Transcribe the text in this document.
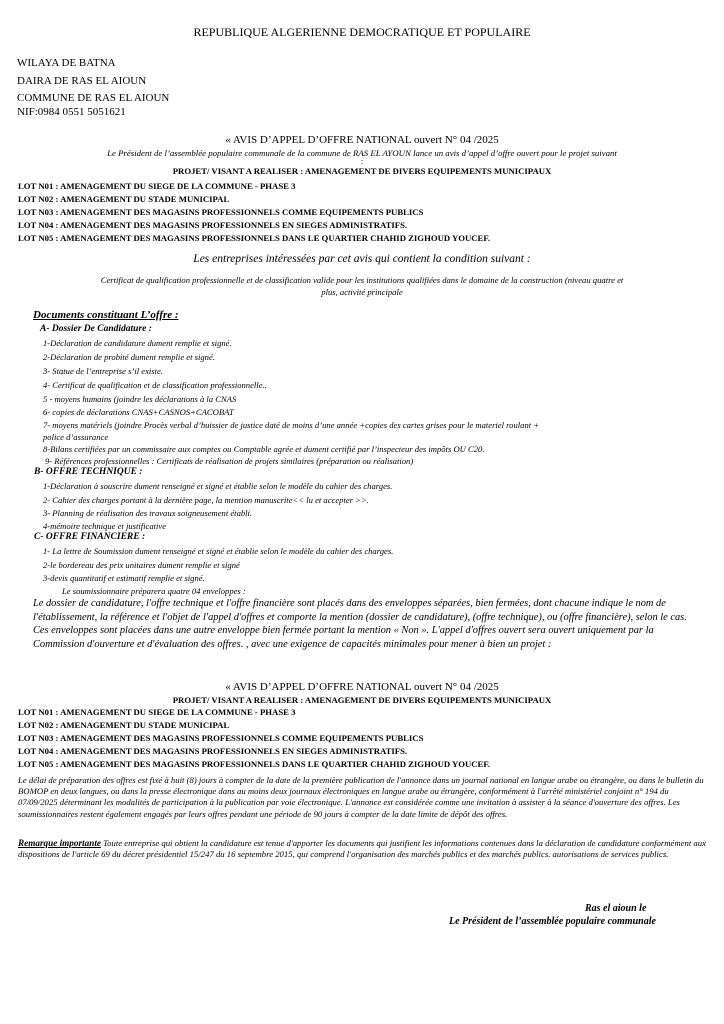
REPUBLIQUE ALGERIENNE DEMOCRATIQUE ET POPULAIRE
WILAYA DE BATNA
DAIRA DE RAS EL AIOUN
COMMUNE DE RAS EL AIOUN
NIF:0984 0551 5051621
« AVIS D’APPEL D’OFFRE NATIONAL ouvert N° 04 /2025
Le Président de l’assemblée populaire communale de la commune de RAS EL AYOUN lance un avis d’appel d’offre ouvert pour le projet suivant
:
PROJET/ VISANT A REALISER : AMENAGEMENT DE DIVERS EQUIPEMENTS MUNICIPAUX
LOT N01 : AMENAGEMENT DU SIEGE DE LA COMMUNE - PHASE 3
LOT N02 : AMENAGEMENT DU STADE MUNICIPAL
LOT N03 : AMENAGEMENT DES MAGASINS PROFESSIONNELS COMME EQUIPEMENTS PUBLICS
LOT N04 : AMENAGEMENT DES MAGASINS PROFESSIONNELS EN SIEGES ADMINISTRATIFS.
LOT N05 : AMENAGEMENT DES MAGASINS PROFESSIONNELS DANS LE QUARTIER CHAHID ZIGHOUD YOUCEF.
Les entreprises intéressées par cet avis qui contient la condition suivant :
Certificat de qualification professionnelle et de classification valide pour les institutions qualifiées dans le domaine de la construction (niveau quatre et
plus, activité principale
Documents constituant L’offre :
A- Dossier De Candidature :
1-Déclaration de candidature dument remplie et signé.
2-Déclaration de probité dument remplie et signé.
3- Statue de l’entreprise s’il existe.
4- Certificat de qualification et de classification professionnelle..
5 - moyens humains (joindre les déclarations à la CNAS
6- copies de déclarations CNAS+CASNOS+CACOBAT
7- moyens matériels (joindre Procès verbal d’huissier de justice daté de moins d’une année +copies des cartes grises pour le materiel roulant +
police d’assurance
8-Bilans certifiées par un commissaire aux comptes ou Comptable agrée et dument certifié par l’inspecteur des impôts OU C20.
9- Références professionnelles : Certificats de réalisation de projets similaires (préparation ou réalisation)
B- OFFRE TECHNIQUE :
1-Déclaration à souscrire dument renseigné et signé et établie selon le modèle du cahier des charges.
2- Cahier des charges portant à la dernière page, la mention manuscrite<< lu et accepter >>.
3- Planning de réalisation des travaux soigneusement établi.
4-mémoire technique et justificative
C- OFFRE FINANCIERE :
1- La lettre de Soumission dument renseigné et signé et établie selon le modèle du cahier des charges.
2-le bordereau des prix unitaires dument remplie et signé
3-devis quantitatif et estimatif remplie et signé.
Le soumissionnaire préparera quatre 04 enveloppes :
Le dossier de candidature, l'offre technique et l'offre financière sont placés dans des enveloppes séparées, bien fermées, dont chacune indique le nom de l'établissement, la référence et l'objet de l'appel d'offres et comporte la mention (dossier de candidature), (offre technique), ou (offre financière), selon le cas. Ces enveloppes sont placées dans une autre enveloppe bien fermée portant la mention « Non ». L'appel d'offres ouvert sera ouvert uniquement par la Commission d'ouverture et d'évaluation des offres. , avec une exigence de capacités minimales pour mener à bien un projet :
« AVIS D’APPEL D’OFFRE NATIONAL ouvert N° 04 /2025
PROJET/ VISANT A REALISER : AMENAGEMENT DE DIVERS EQUIPEMENTS MUNICIPAUX
LOT N01 : AMENAGEMENT DU SIEGE DE LA COMMUNE - PHASE 3
LOT N02 : AMENAGEMENT DU STADE MUNICIPAL
LOT N03 : AMENAGEMENT DES MAGASINS PROFESSIONNELS COMME EQUIPEMENTS PUBLICS
LOT N04 : AMENAGEMENT DES MAGASINS PROFESSIONNELS EN SIEGES ADMINISTRATIFS.
LOT N05 : AMENAGEMENT DES MAGASINS PROFESSIONNELS DANS LE QUARTIER CHAHID ZIGHOUD YOUCEF.
Le délai de préparation des offres est fixé à huit (8) jours à compter de la date de la première publication de l'annonce dans un journal national en langue arabe ou étrangère, ou dans le bulletin du BOMOP en deux langues, ou dans la presse électronique dans au moins deux journaux électroniques en langue arabe ou étrangère, conformément à l'arrêté ministériel conjoint n° 194 du 07/09/2025 déterminant les modalités de participation à la publication par voie électronique. L'annonce est considérée comme une invitation à assister à la séance d'ouverture des offres. Les soumissionnaires restent également engagés par leurs offres pendant une période de 90 jours à compter de la date limite de dépôt des offres.
Remarque importante Toute entreprise qui obtient la candidature est tenue d'apporter les documents qui justifient les informations contenues dans la déclaration de candidature conformément aux dispositions de l'article 69 du décret présidentiel 15/247 du 16 septembre 2015, qui comprend l'organisation des marchés publics et des marchés publics. autorisations de services publics.
Ras el aioun le
Le Président de l’assemblée populaire communale
